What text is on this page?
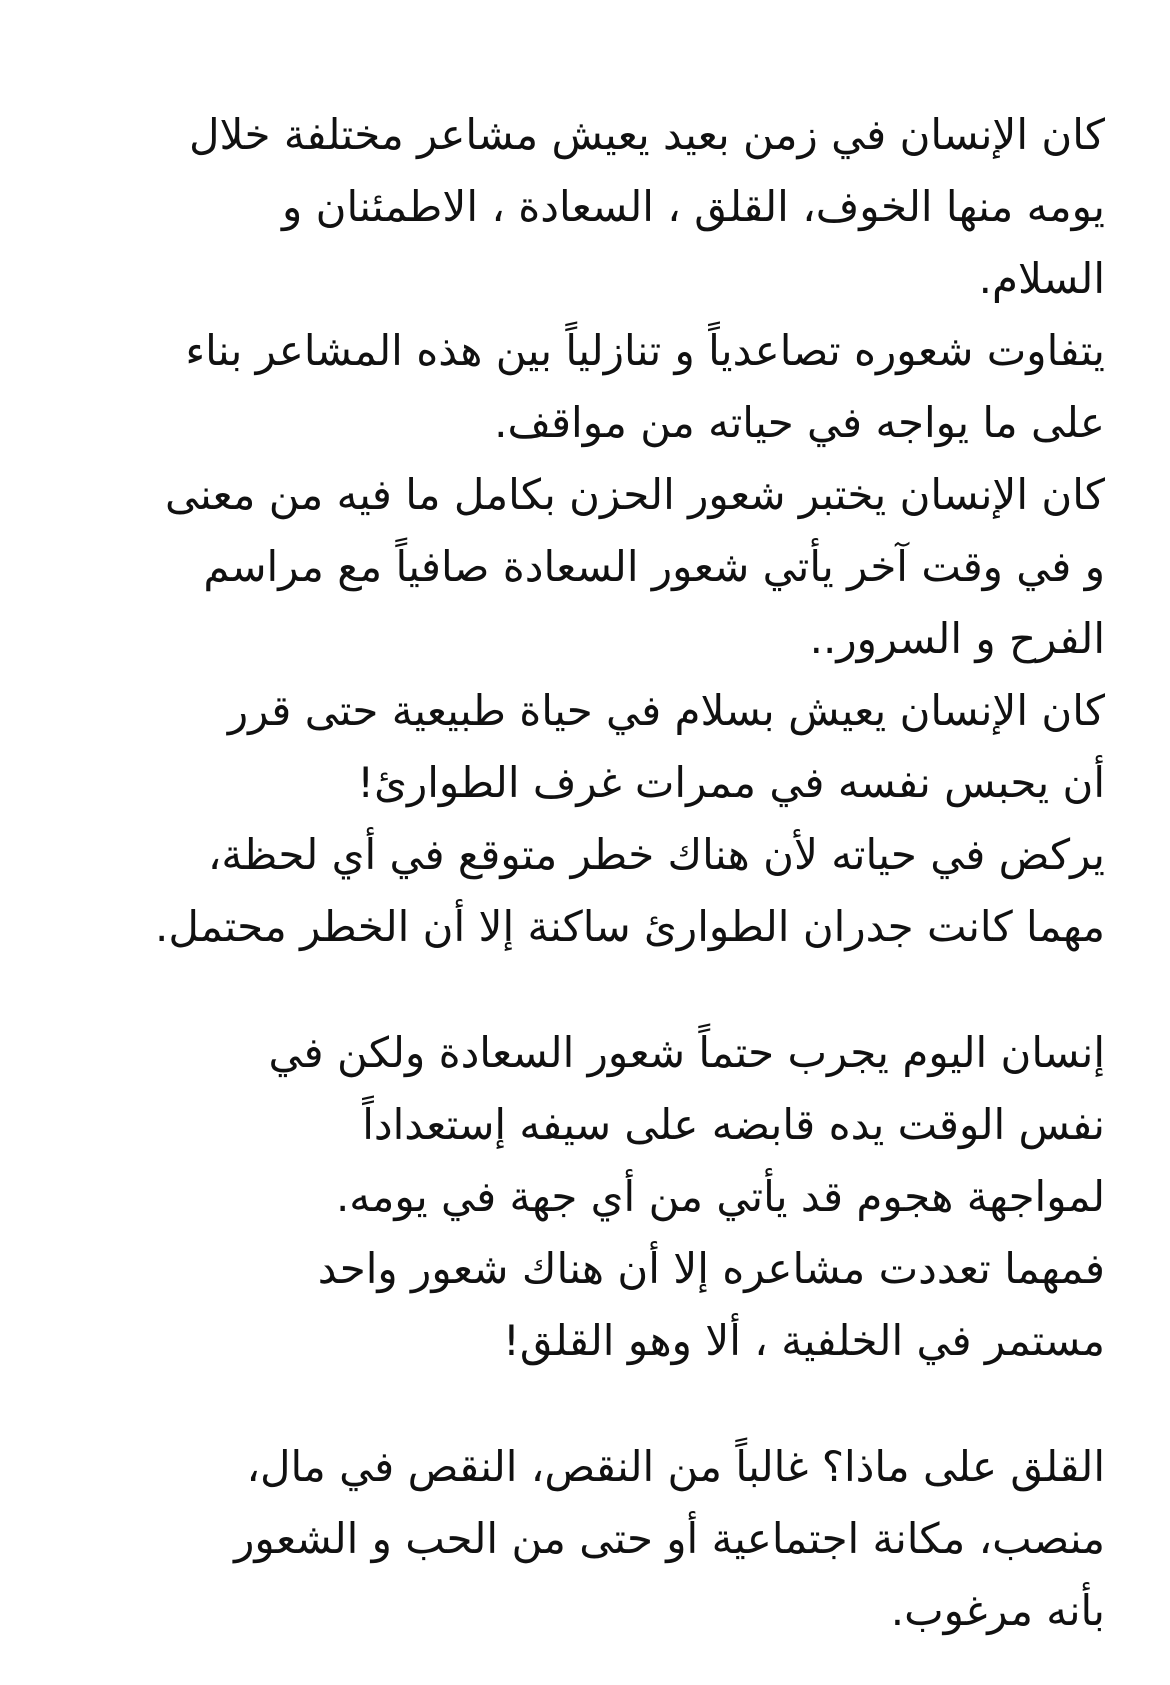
كان الإنسان في زمن بعيد يعيش مشاعر مختلفة خلال
يومه منها الخوف، القلق ، السعادة ، الاطمئنان و
السلام.
يتفاوت شعوره تصاعدياً و تنازلياً بين هذه المشاعر بناء
على ما يواجه في حياته من مواقف.
كان الإنسان يختبر شعور الحزن بكامل ما فيه من معنى
و في وقت آخر يأتي شعور السعادة صافياً مع مراسم
الفرح و السرور..
كان الإنسان يعيش بسلام في حياة طبيعية حتى قرر
أن يحبس نفسه في ممرات غرف الطوارئ!
يركض في حياته لأن هناك خطر متوقع في أي لحظة،
مهما كانت جدران الطوارئ ساكنة إلا أن الخطر محتمل.
إنسان اليوم يجرب حتماً شعور السعادة ولكن في
نفس الوقت يده قابضه على سيفه إستعداداً
لمواجهة هجوم قد يأتي من أي جهة في يومه.
فمهما تعددت مشاعره إلا أن هناك شعور واحد
مستمر في الخلفية ، ألا وهو القلق!
القلق على ماذا؟ غالباً من النقص، النقص في مال،
منصب، مكانة اجتماعية أو حتى من الحب و الشعور
بأنه مرغوب.
